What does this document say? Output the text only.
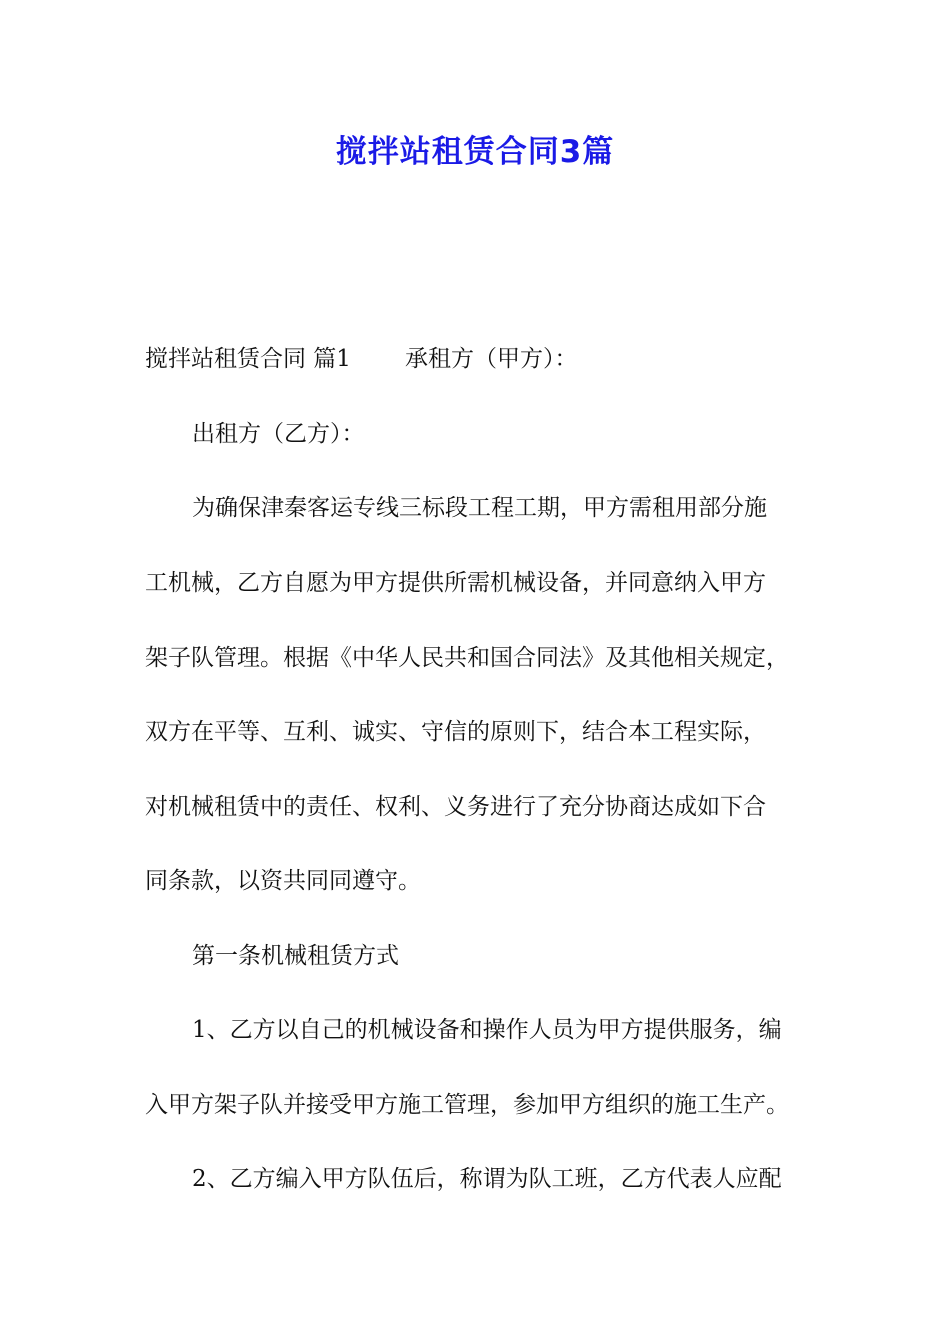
搅拌站租赁合同3篇
搅拌站租赁合同 篇1 承租方（甲方）：
出租方（乙方）：
为确保津秦客运专线三标段工程工期，甲方需租用部分施
工机械，乙方自愿为甲方提供所需机械设备，并同意纳入甲方
架子队管理。根据《中华人民共和国合同法》及其他相关规定，
双方在平等、互利、诚实、守信的原则下，结合本工程实际，
对机械租赁中的责任、权利、义务进行了充分协商达成如下合
同条款，以资共同同遵守。
第一条机械租赁方式
1、乙方以自己的机械设备和操作人员为甲方提供服务，编
入甲方架子队并接受甲方施工管理，参加甲方组织的施工生产。
2、乙方编入甲方队伍后，称谓为队工班，乙方代表人应配
